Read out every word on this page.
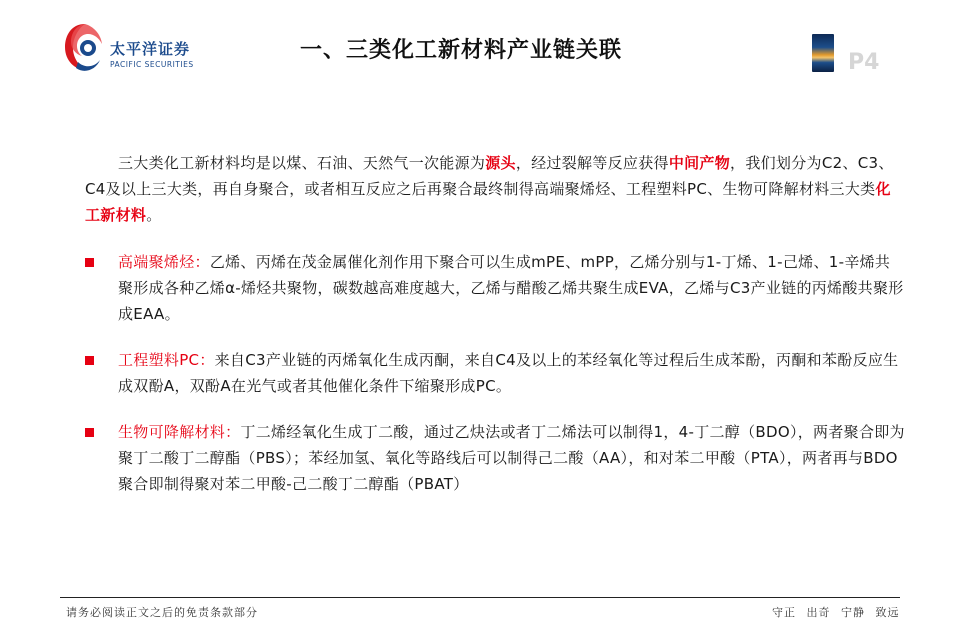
太平洋证券
PACIFIC SECURITIES
一、三类化工新材料产业链关联	P4

三大类化工新材料均是以煤、石油、天然气一次能源为源头，经过裂解等反应获得中间产物，我们划分为C2、C3、C4及以上三大类，再自身聚合，或者相互反应之后再聚合最终制得高端聚烯烃、工程塑料PC、生物可降解材料三大类化工新材料。

高端聚烯烃：乙烯、丙烯在茂金属催化剂作用下聚合可以生成mPE、mPP，乙烯分别与1-丁烯、1-己烯、1-辛烯共聚形成各种乙烯α-烯烃共聚物，碳数越高难度越大，乙烯与醋酸乙烯共聚生成EVA，乙烯与C3产业链的丙烯酸共聚形成EAA。
工程塑料PC：来自C3产业链的丙烯氧化生成丙酮，来自C4及以上的苯经氧化等过程后生成苯酚，丙酮和苯酚反应生成双酚A，双酚A在光气或者其他催化条件下缩聚形成PC。
生物可降解材料：丁二烯经氧化生成丁二酸，通过乙炔法或者丁二烯法可以制得1，4-丁二醇（BDO），两者聚合即为聚丁二酸丁二醇酯（PBS）；苯经加氢、氧化等路线后可以制得己二酸（AA），和对苯二甲酸（PTA），两者再与BDO聚合即制得聚对苯二甲酸-己二酸丁二醇酯（PBAT）
请务必阅读正文之后的免责条款部分	守正 出奇 宁静 致远
